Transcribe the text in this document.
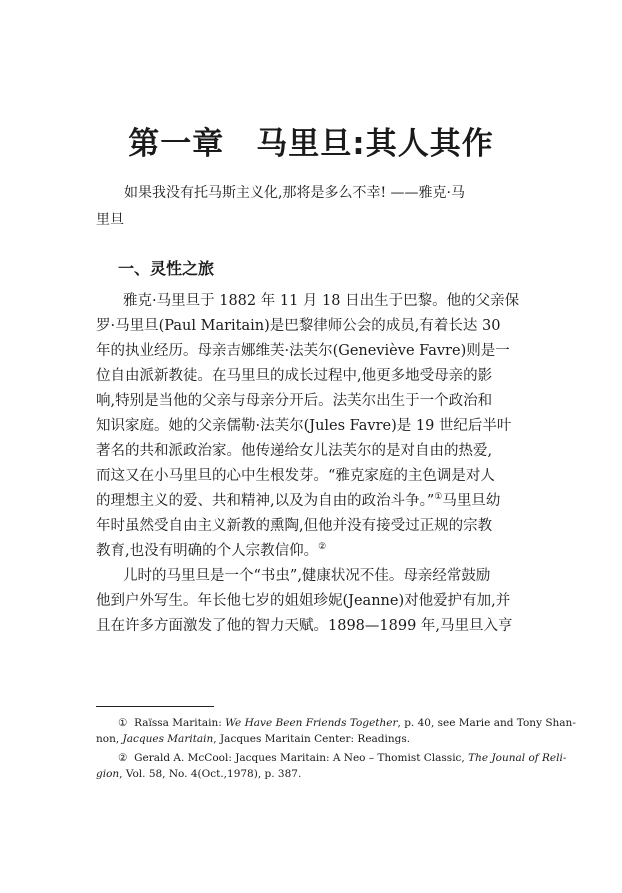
第一章　马里旦:其人其作
如果我没有托马斯主义化,那将是多么不幸! ——雅克·马
里旦
一、灵性之旅
雅克·马里旦于 1882 年 11 月 18 日出生于巴黎。他的父亲保
罗·马里旦(Paul Maritain)是巴黎律师公会的成员,有着长达 30
年的执业经历。母亲吉娜维芙·法芙尔(Geneviève Favre)则是一
位自由派新教徒。在马里旦的成长过程中,他更多地受母亲的影
响,特别是当他的父亲与母亲分开后。法芙尔出生于一个政治和
知识家庭。她的父亲儒勒·法芙尔(Jules Favre)是 19 世纪后半叶
著名的共和派政治家。他传递给女儿法芙尔的是对自由的热爱,
而这又在小马里旦的心中生根发芽。“雅克家庭的主色调是对人
的理想主义的爱、共和精神,以及为自由的政治斗争。”①马里旦幼
年时虽然受自由主义新教的熏陶,但他并没有接受过正规的宗教
教育,也没有明确的个人宗教信仰。②
儿时的马里旦是一个“书虫”,健康状况不佳。母亲经常鼓励
他到户外写生。年长他七岁的姐姐珍妮(Jeanne)对他爱护有加,并
且在许多方面激发了他的智力天赋。1898—1899 年,马里旦入亨
① Raïssa Maritain: We Have Been Friends Together, p. 40, see Marie and Tony Shan-
non, Jacques Maritain, Jacques Maritain Center: Readings.
② Gerald A. McCool: Jacques Maritain: A Neo – Thomist Classic, The Jounal of Reli-
gion, Vol. 58, No. 4(Oct.,1978), p. 387.
